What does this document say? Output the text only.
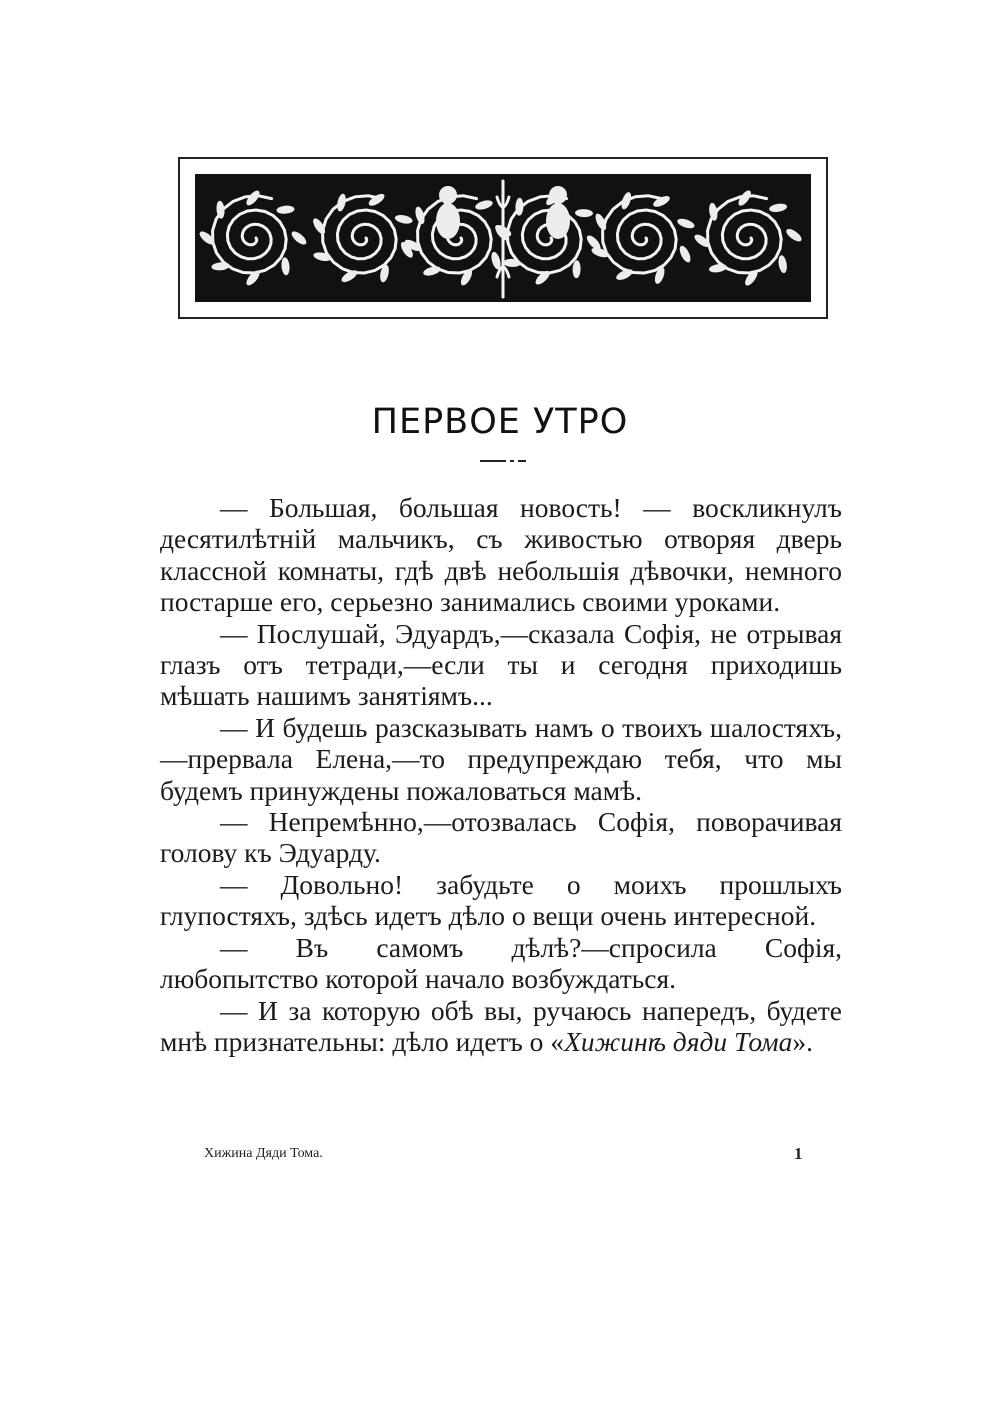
ПЕРВОЕ УТРО

— Большая, большая новость! — воскликнулъ десятилѣтній мальчикъ, съ живостью отворяя дверь классной комнаты, гдѣ двѣ небольшія дѣвочки, немного постарше его, серьезно занимались своими уроками.

— Послушай, Эдуардъ,—сказала Софія, не отрывая глазъ отъ тетради,—если ты и сегодня приходишь мѣшать нашимъ занятіямъ...

— И будешь разсказывать намъ о твоихъ шалостяхъ,—прервала Елена,—то предупреждаю тебя, что мы будемъ принуждены пожаловаться мамѣ.

— Непремѣнно,—отозвалась Софія, поворачивая голову къ Эдуарду.

— Довольно! забудьте о моихъ прошлыхъ глупостяхъ, здѣсь идетъ дѣло о вещи очень интересной.

— Въ самомъ дѣлѣ?—спросила Софія, любопытство которой начало возбуждаться.

— И за которую обѣ вы, ручаюсь напередъ, будете мнѣ признательны: дѣло идетъ о «Хижинѣ дяди Тома».

Хижина Дяди Тома.	1
